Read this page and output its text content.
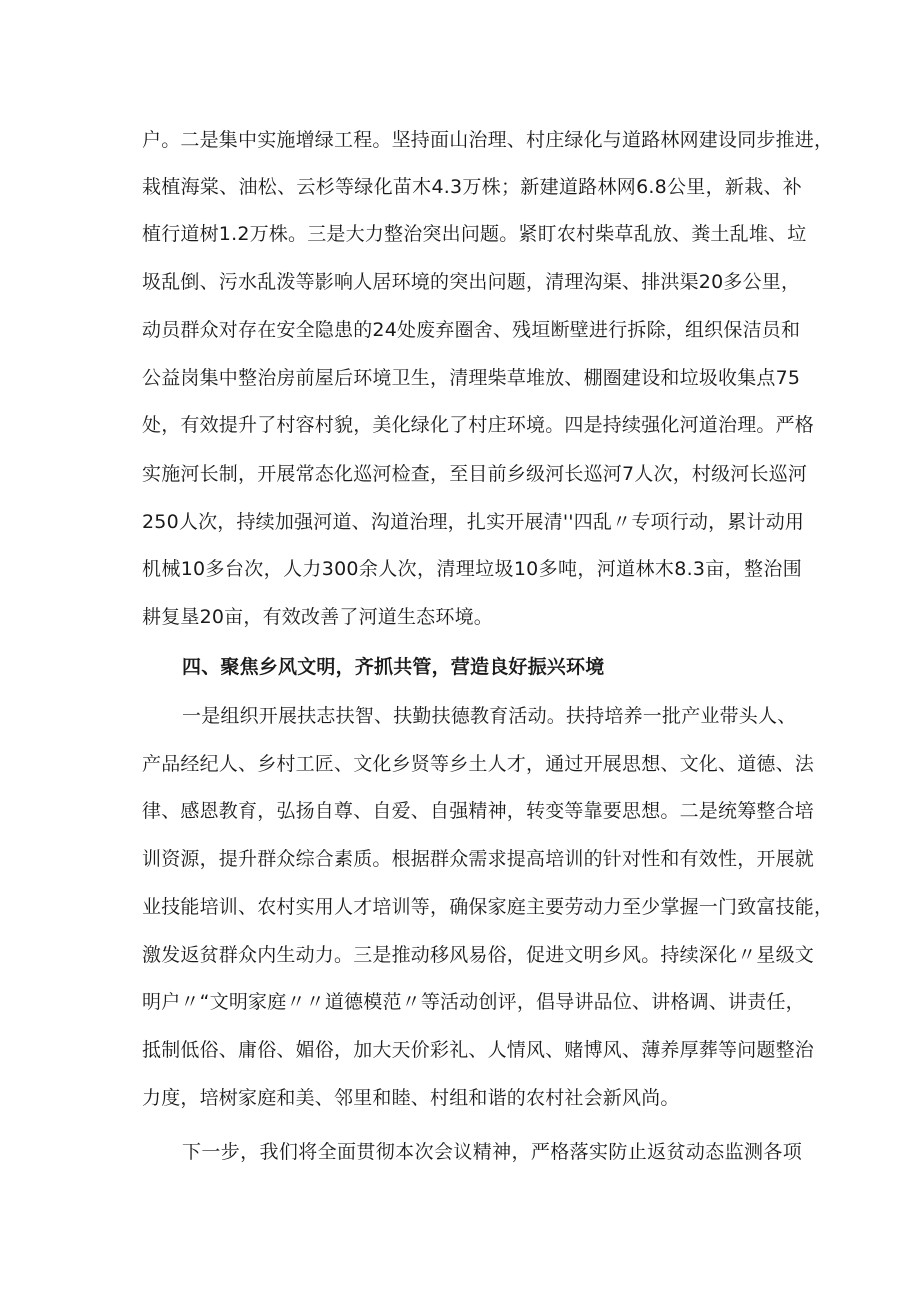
户。二是集中实施增绿工程。坚持面山治理、村庄绿化与道路林网建设同步推进，
栽植海棠、油松、云杉等绿化苗木4.3万株；新建道路林网6.8公里，新栽、补
植行道树1.2万株。三是大力整治突出问题。紧盯农村柴草乱放、粪土乱堆、垃
圾乱倒、污水乱泼等影响人居环境的突出问题，清理沟渠、排洪渠20多公里，
动员群众对存在安全隐患的24处废弃圈舍、残垣断壁进行拆除，组织保洁员和
公益岗集中整治房前屋后环境卫生，清理柴草堆放、棚圈建设和垃圾收集点75
处，有效提升了村容村貌，美化绿化了村庄环境。四是持续强化河道治理。严格
实施河长制，开展常态化巡河检查，至目前乡级河长巡河7人次，村级河长巡河
250人次，持续加强河道、沟道治理，扎实开展清''四乱〃专项行动，累计动用
机械10多台次，人力300余人次，清理垃圾10多吨，河道林木8.3亩，整治围
耕复垦20亩，有效改善了河道生态环境。
四、聚焦乡风文明，齐抓共管，营造良好振兴环境
一是组织开展扶志扶智、扶勤扶德教育活动。扶持培养一批产业带头人、
产品经纪人、乡村工匠、文化乡贤等乡土人才，通过开展思想、文化、道德、法
律、感恩教育，弘扬自尊、自爱、自强精神，转变等靠要思想。二是统筹整合培
训资源，提升群众综合素质。根据群众需求提高培训的针对性和有效性，开展就
业技能培训、农村实用人才培训等，确保家庭主要劳动力至少掌握一门致富技能，
激发返贫群众内生动力。三是推动移风易俗，促进文明乡风。持续深化〃星级文
明户〃“文明家庭〃〃道德模范〃等活动创评，倡导讲品位、讲格调、讲责任，
抵制低俗、庸俗、媚俗，加大天价彩礼、人情风、赌博风、薄养厚葬等问题整治
力度，培树家庭和美、邻里和睦、村组和谐的农村社会新风尚。
下一步，我们将全面贯彻本次会议精神，严格落实防止返贫动态监测各项
